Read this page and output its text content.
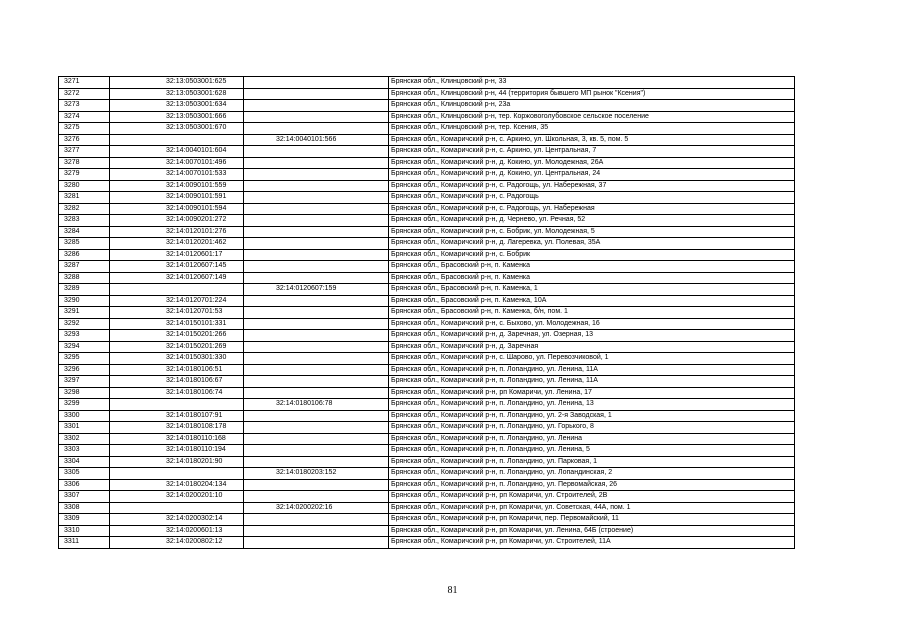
3271	32:13:0503001:625		Брянская обл., Клинцовский р-н, 33
3272	32:13:0503001:628		Брянская обл., Клинцовский р-н, 44 (территория бывшего МП рынок "Ксения")
3273	32:13:0503001:634		Брянская обл., Клинцовский р-н, 23а
3274	32:13:0503001:666		Брянская обл., Клинцовский р-н, тер. Коржовоголубовское сельское поселение
3275	32:13:0503001:670		Брянская обл., Клинцовский р-н, тер. Ксения, 35
3276		32:14:0040101:566	Брянская обл., Комаричский р-н, с. Аркино, ул. Школьная, 3, кв. 5, пом. 5
3277	32:14:0040101:604		Брянская обл., Комаричский р-н, с. Аркино, ул. Центральная, 7
3278	32:14:0070101:496		Брянская обл., Комаричский р-н, д. Кокино, ул. Молодежная, 26А
3279	32:14:0070101:533		Брянская обл., Комаричский р-н, д. Кокино, ул. Центральная, 24
3280	32:14:0090101:559		Брянская обл., Комаричский р-н, с. Радогощь, ул. Набережная, 37
3281	32:14:0090101:591		Брянская обл., Комаричский р-н, с. Радогощь
3282	32:14:0090101:594		Брянская обл., Комаричский р-н, с. Радогощь, ул. Набережная
3283	32:14:0090201:272		Брянская обл., Комаричский р-н, д. Чернево, ул. Речная, 52
3284	32:14:0120101:276		Брянская обл., Комаричский р-н, с. Бобрик, ул. Молодежная, 5
3285	32:14:0120201:462		Брянская обл., Комаричский р-н, д. Лагеревка, ул. Полевая, 35А
3286	32:14:0120601:17		Брянская обл., Комаричский р-н, с. Бобрик
3287	32:14:0120607:145		Брянская обл., Брасовский р-н, п. Каменка
3288	32:14:0120607:149		Брянская обл., Брасовский р-н, п. Каменка
3289		32:14:0120607:159	Брянская обл., Брасовский р-н, п. Каменка, 1
3290	32:14:0120701:224		Брянская обл., Брасовский р-н, п. Каменка, 10А
3291	32:14:0120701:53		Брянская обл., Брасовский р-н, п. Каменка, б/н, пом. 1
3292	32:14:0150101:331		Брянская обл., Комаричский р-н, с. Быхово, ул. Молодежная, 16
3293	32:14:0150201:266		Брянская обл., Комаричский р-н, д. Заречная, ул. Озерная, 13
3294	32:14:0150201:269		Брянская обл., Комаричский р-н, д. Заречная
3295	32:14:0150301:330		Брянская обл., Комаричский р-н, с. Шарово, ул. Перевозчиковой, 1
3296	32:14:0180106:51		Брянская обл., Комаричский р-н, п. Лопандино, ул. Ленина, 11А
3297	32:14:0180106:67		Брянская обл., Комаричский р-н, п. Лопандино, ул. Ленина, 11А
3298	32:14:0180106:74		Брянская обл., Комаричский р-н, рп Комаричи, ул. Ленина, 17
3299		32:14:0180106:78	Брянская обл., Комаричский р-н, п. Лопандино, ул. Ленина, 13
3300	32:14:0180107:91		Брянская обл., Комаричский р-н, п. Лопандино, ул. 2-я Заводская, 1
3301	32:14:0180108:178		Брянская обл., Комаричский р-н, п. Лопандино, ул. Горького, 8
3302	32:14:0180110:168		Брянская обл., Комаричский р-н, п. Лопандино, ул. Ленина
3303	32:14:0180110:194		Брянская обл., Комаричский р-н, п. Лопандино, ул. Ленина, 5
3304	32:14:0180201:90		Брянская обл., Комаричский р-н, п. Лопандино, ул. Парковая, 1
3305		32:14:0180203:152	Брянская обл., Комаричский р-н, п. Лопандино, ул. Лопандинская, 2
3306	32:14:0180204:134		Брянская обл., Комаричский р-н, п. Лопандино, ул. Первомайская, 26
3307	32:14:0200201:10		Брянская обл., Комаричский р-н, рп Комаричи, ул. Строителей, 2В
3308		32:14:0200202:16	Брянская обл., Комаричский р-н, рп Комаричи, ул. Советская, 44А, пом. 1
3309	32:14:0200302:14		Брянская обл., Комаричский р-н, рп Комаричи, пер. Первомайский, 11
3310	32:14:0200601:13		Брянская обл., Комаричский р-н, рп Комаричи, ул. Ленина, 64Б (строение)
3311	32:14:0200802:12		Брянская обл., Комаричский р-н, рп Комаричи, ул. Строителей, 11А
81
